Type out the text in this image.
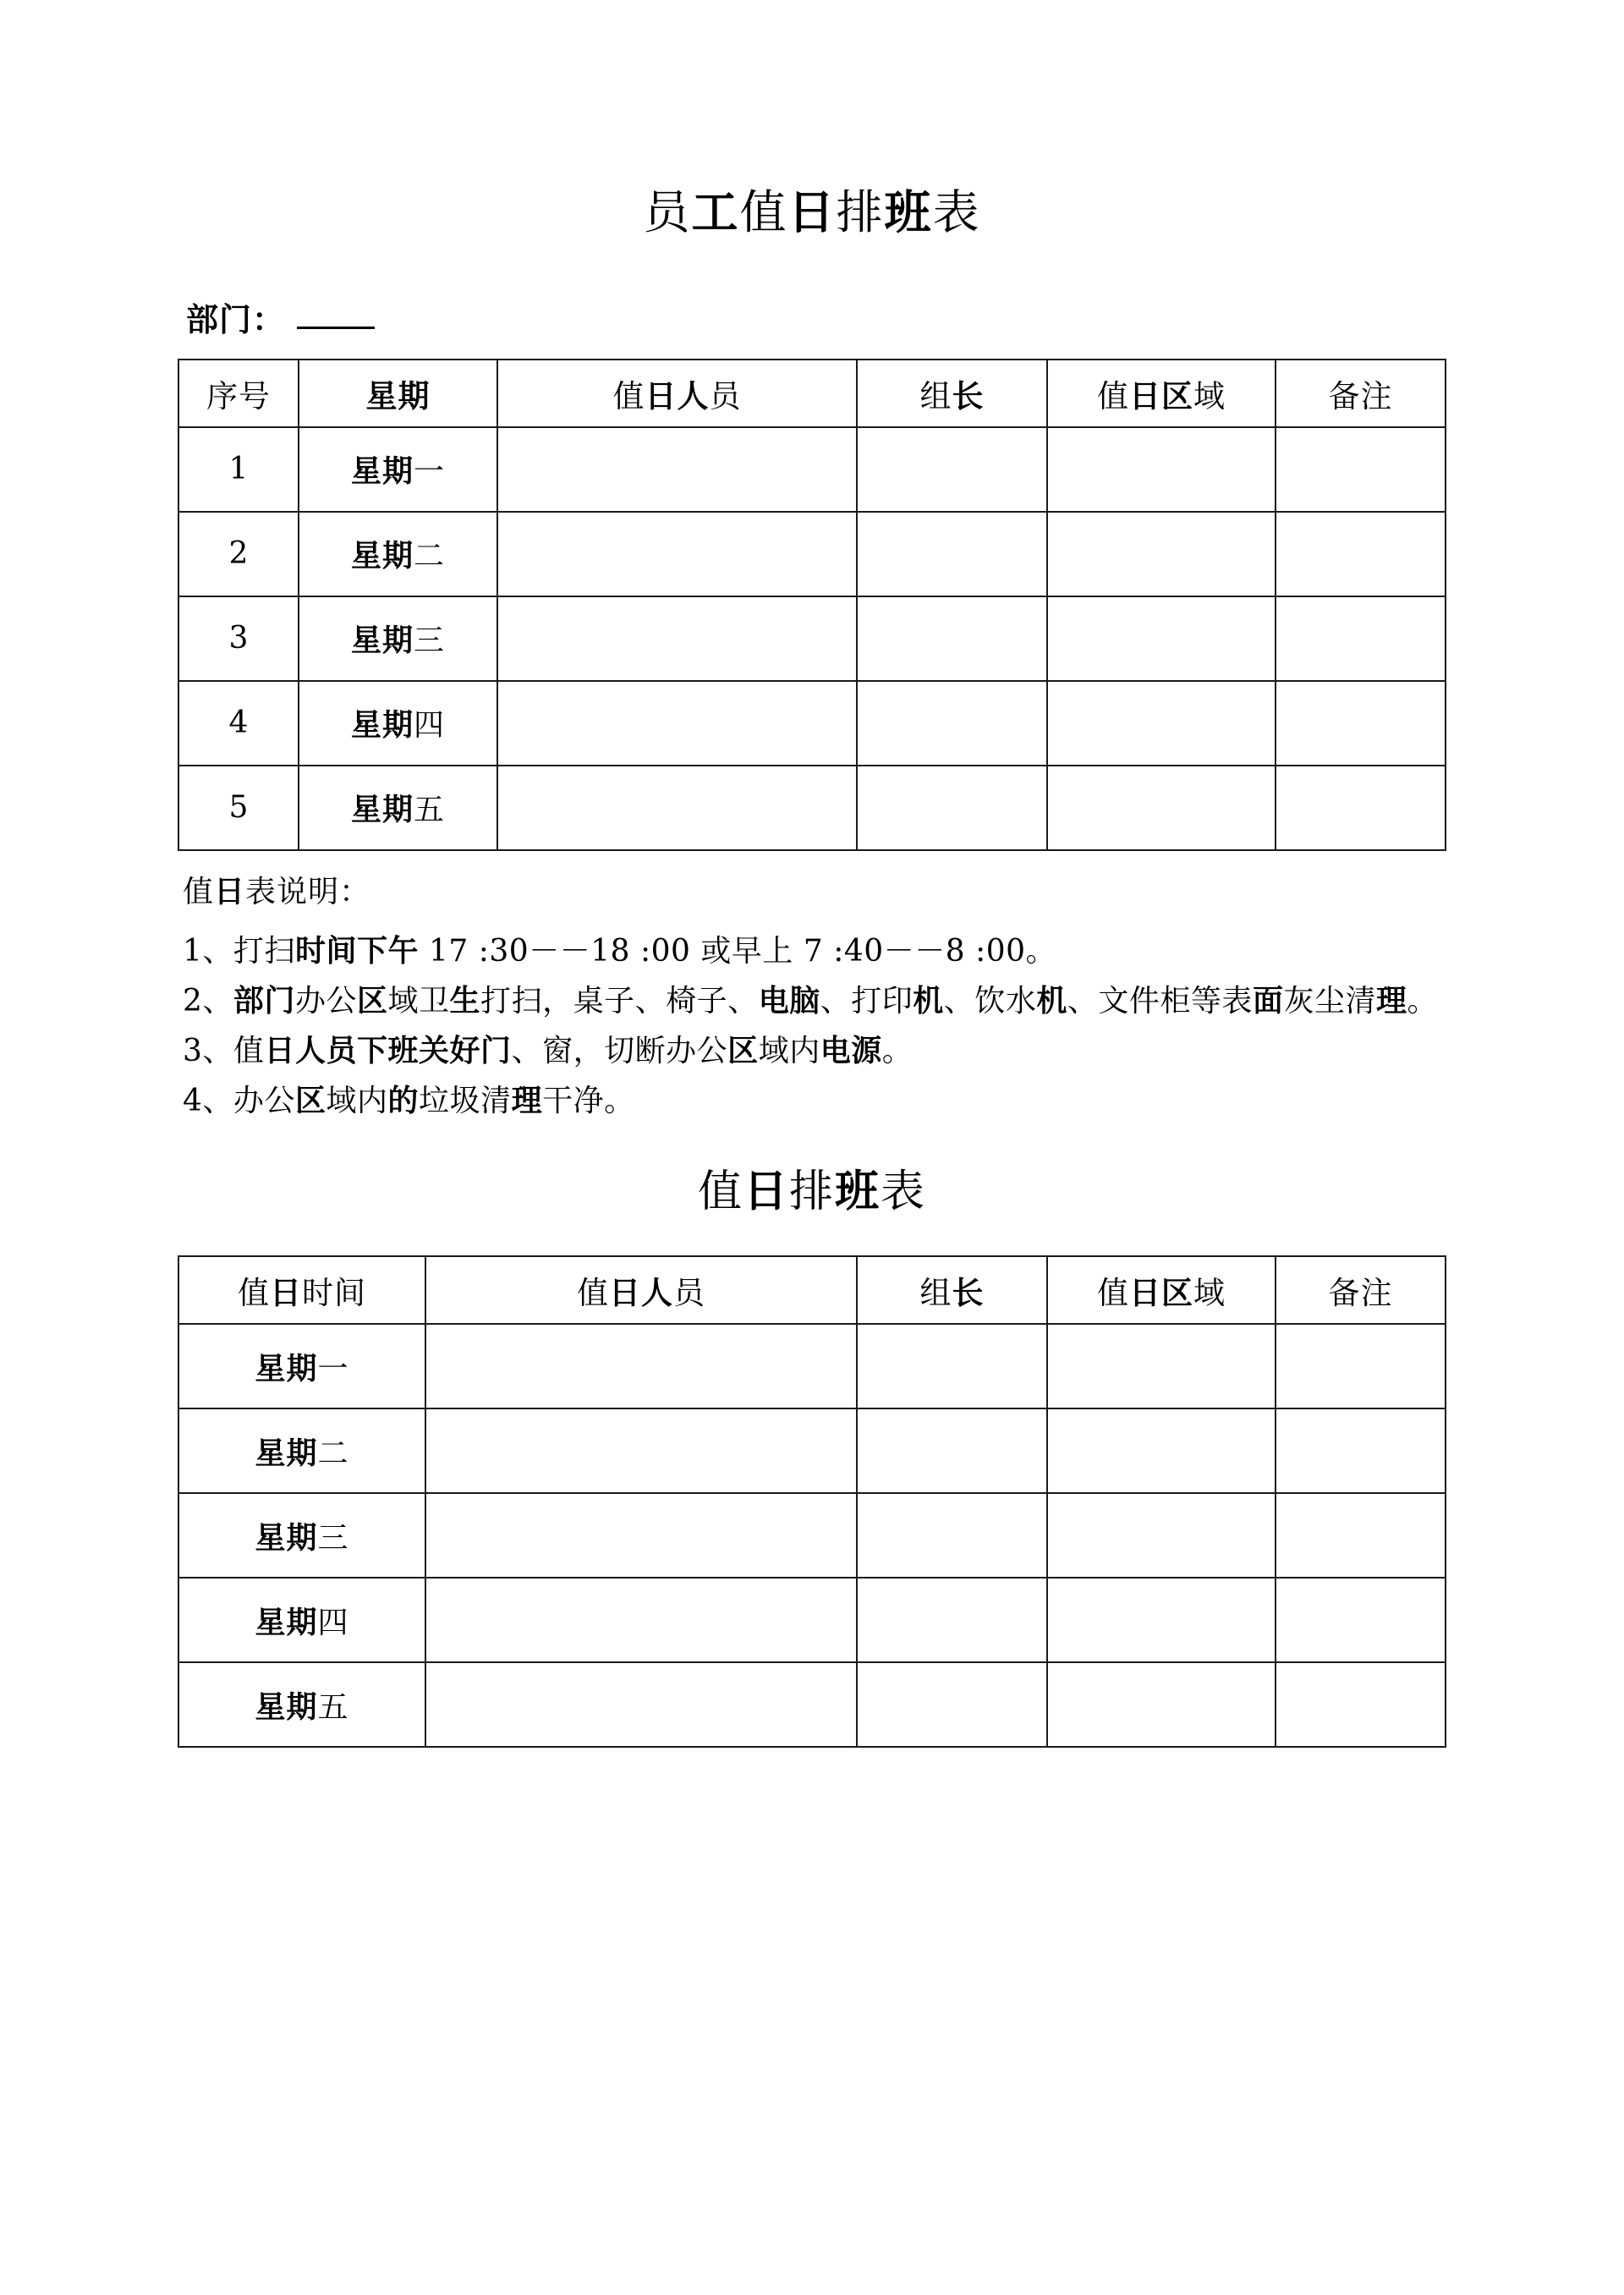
员工值日排班表

部门：

序号	星期	值日人员	组长	值日区域	备注
1	星期一				
2	星期二				
3	星期三				
4	星期四				
5	星期五				
值日表说明：
1、打扫时间下午 17 :30－－18 :00 或早上 7 :40－－8 :00。
2、部门办公区域卫生打扫，桌子、椅子、电脑、打印机、饮水机、文件柜等表面灰尘清理。
3、值日人员下班关好门、窗，切断办公区域内电源。
4、办公区域内的垃圾清理干净。
值日排班表
值日时间	值日人员	组长	值日区域	备注
星期一				
星期二				
星期三				
星期四				
星期五				
